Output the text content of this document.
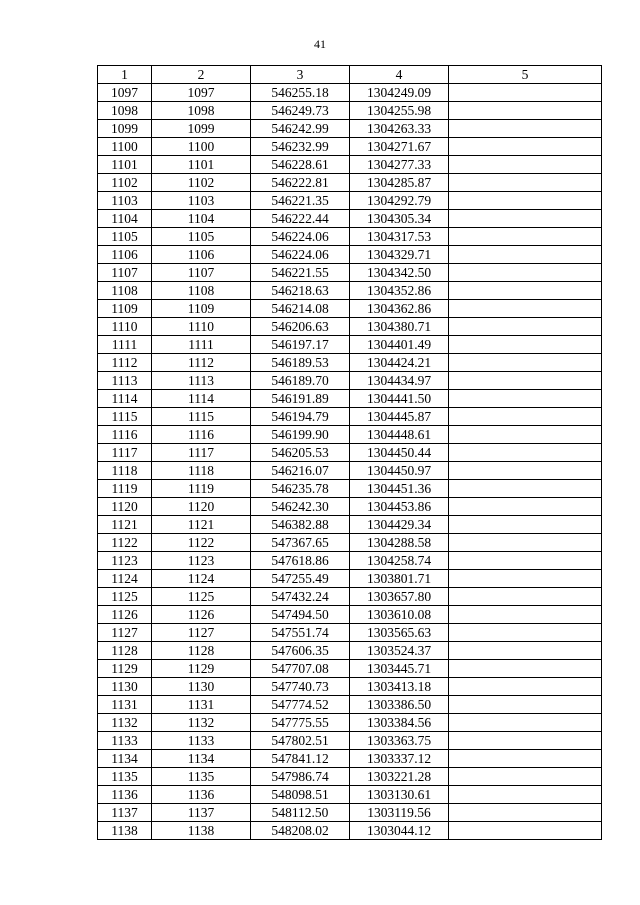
41
1	2	3	4	5
1097	1097	546255.18	1304249.09	
1098	1098	546249.73	1304255.98	
1099	1099	546242.99	1304263.33	
1100	1100	546232.99	1304271.67	
1101	1101	546228.61	1304277.33	
1102	1102	546222.81	1304285.87	
1103	1103	546221.35	1304292.79	
1104	1104	546222.44	1304305.34	
1105	1105	546224.06	1304317.53	
1106	1106	546224.06	1304329.71	
1107	1107	546221.55	1304342.50	
1108	1108	546218.63	1304352.86	
1109	1109	546214.08	1304362.86	
1110	1110	546206.63	1304380.71	
1111	1111	546197.17	1304401.49	
1112	1112	546189.53	1304424.21	
1113	1113	546189.70	1304434.97	
1114	1114	546191.89	1304441.50	
1115	1115	546194.79	1304445.87	
1116	1116	546199.90	1304448.61	
1117	1117	546205.53	1304450.44	
1118	1118	546216.07	1304450.97	
1119	1119	546235.78	1304451.36	
1120	1120	546242.30	1304453.86	
1121	1121	546382.88	1304429.34	
1122	1122	547367.65	1304288.58	
1123	1123	547618.86	1304258.74	
1124	1124	547255.49	1303801.71	
1125	1125	547432.24	1303657.80	
1126	1126	547494.50	1303610.08	
1127	1127	547551.74	1303565.63	
1128	1128	547606.35	1303524.37	
1129	1129	547707.08	1303445.71	
1130	1130	547740.73	1303413.18	
1131	1131	547774.52	1303386.50	
1132	1132	547775.55	1303384.56	
1133	1133	547802.51	1303363.75	
1134	1134	547841.12	1303337.12	
1135	1135	547986.74	1303221.28	
1136	1136	548098.51	1303130.61	
1137	1137	548112.50	1303119.56	
1138	1138	548208.02	1303044.12	
